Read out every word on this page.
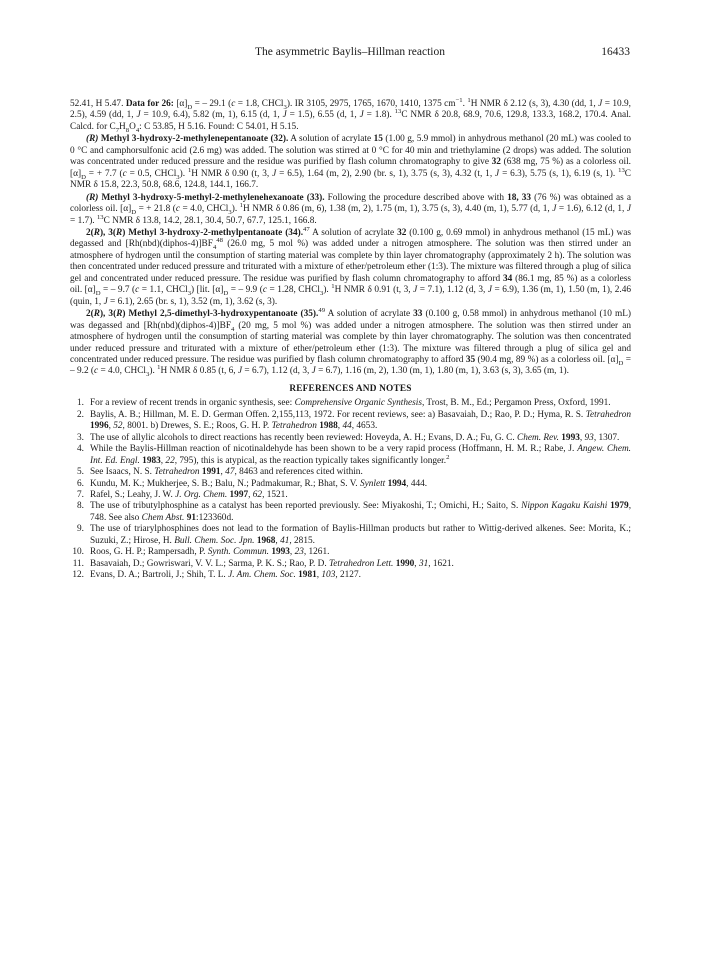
The asymmetric Baylis–Hillman reaction	16433

52.41, H 5.47. Data for 26: $[\alpha]_D$ = – 29.1 (c = 1.8, CHCl$_3$). IR 3105, 2975, 1765, 1670, 1410, 1375 $cm^{-1}$. $^1$H NMR δ 2.12 (s, 3), 4.30 (dd, 1, J = 10.9, 2.5), 4.59 (dd, 1, J = 10.9, 6.4), 5.82 (m, 1), 6.15 (d, 1, J = 1.5), 6.55 (d, 1, J = 1.8). $^{13}$C NMR δ 20.8, 68.9, 70.6, 129.8, 133.3, 168.2, 170.4. Anal. Calcd. for $C_7H_8O_4$: C 53.85, H 5.16. Found: C 54.01, H 5.15.

(R) Methyl 3-hydroxy-2-methylenepentanoate (32). A solution of acrylate 15 (1.00 g, 5.9 mmol) in anhydrous methanol (20 mL) was cooled to 0 °C and camphorsulfonic acid (2.6 mg) was added. The solution was stirred at 0 °C for 40 min and triethylamine (2 drops) was added. The solution was concentrated under reduced pressure and the residue was purified by flash column chromatography to give 32 (638 mg, 75 %) as a colorless oil. $[\alpha]_D$ = + 7.7 (c = 0.5, CHCl$_3$). $^1$H NMR δ 0.90 (t, 3, J = 6.5), 1.64 (m, 2), 2.90 (br. s, 1), 3.75 (s, 3), 4.32 (t, 1, J = 6.3), 5.75 (s, 1), 6.19 (s, 1). $^{13}$C NMR δ 15.8, 22.3, 50.8, 68.6, 124.8, 144.1, 166.7.

(R) Methyl 3-hydroxy-5-methyl-2-methylenehexanoate (33). Following the procedure described above with 18, 33 (76 %) was obtained as a colorless oil. $[\alpha]_D$ = + 21.8 (c = 4.0, CHCl$_3$). $^1$H NMR δ 0.86 (m, 6), 1.38 (m, 2), 1.75 (m, 1), 3.75 (s, 3), 4.40 (m, 1), 5.77 (d, 1, J = 1.6), 6.12 (d, 1, J = 1.7). $^{13}$C NMR δ 13.8, 14.2, 28.1, 30.4, 50.7, 67.7, 125.1, 166.8.

2(R), 3(R) Methyl 3-hydroxy-2-methylpentanoate (34).$^{47}$ A solution of acrylate 32 (0.100 g, 0.69 mmol) in anhydrous methanol (15 mL) was degassed and $[Rh(nbd)(diphos-4)]BF_4^{48}$ (26.0 mg, 5 mol %) was added under a nitrogen atmosphere. The solution was then stirred under an atmosphere of hydrogen until the consumption of starting material was complete by thin layer chromatography (approximately 2 h). The solution was then concentrated under reduced pressure and triturated with a mixture of ether/petroleum ether (1:3). The mixture was filtered through a plug of silica gel and concentrated under reduced pressure. The residue was purified by flash column chromatography to afford 34 (86.1 mg, 85 %) as a colorless oil. $[\alpha]_D$ = – 9.7 (c = 1.1, CHCl$_3$) [lit. $[\alpha]_D$ = – 9.9 (c = 1.28, CHCl$_3$). $^1$H NMR δ 0.91 (t, 3, J = 7.1), 1.12 (d, 3, J = 6.9), 1.36 (m, 1), 1.50 (m, 1), 2.46 (quin, 1, J = 6.1), 2.65 (br. s, 1), 3.52 (m, 1), 3.62 (s, 3).

2(R), 3(R) Methyl 2,5-dimethyl-3-hydroxypentanoate (35).$^{49}$ A solution of acrylate 33 (0.100 g, 0.58 mmol) in anhydrous methanol (10 mL) was degassed and $[Rh(nbd)(diphos-4)]BF_4$ (20 mg, 5 mol %) was added under a nitrogen atmosphere. The solution was then stirred under an atmosphere of hydrogen until the consumption of starting material was complete by thin layer chromatography. The solution was then concentrated under reduced pressure and triturated with a mixture of ether/petroleum ether (1:3). The mixture was filtered through a plug of silica gel and concentrated under reduced pressure. The residue was purified by flash column chromatography to afford 35 (90.4 mg, 89 %) as a colorless oil. $[\alpha]_D$ = – 9.2 (c = 4.0, CHCl$_3$). $^1$H NMR δ 0.85 (t, 6, J = 6.7), 1.12 (d, 3, J = 6.7), 1.16 (m, 2), 1.30 (m, 1), 1.80 (m, 1), 3.63 (s, 3), 3.65 (m, 1).

REFERENCES AND NOTES
1. For a review of recent trends in organic synthesis, see: Comprehensive Organic Synthesis, Trost, B. M., Ed.; Pergamon Press, Oxford, 1991.
2. Baylis, A. B.; Hillman, M. E. D. German Offen. 2,155,113, 1972. For recent reviews, see: a) Basavaiah, D.; Rao, P. D.; Hyma, R. S. Tetrahedron 1996, 52, 8001. b) Drewes, S. E.; Roos, G. H. P. Tetrahedron 1988, 44, 4653.
3. The use of allylic alcohols to direct reactions has recently been reviewed: Hoveyda, A. H.; Evans, D. A.; Fu, G. C. Chem. Rev. 1993, 93, 1307.
4. While the Baylis-Hillman reaction of nicotinaldehyde has been shown to be a very rapid process (Hoffmann, H. M. R.; Rabe, J. Angew. Chem. Int. Ed. Engl. 1983, 22, 795), this is atypical, as the reaction typically takes significantly longer.$^2$
5. See Isaacs, N. S. Tetrahedron 1991, 47, 8463 and references cited within.
6. Kundu, M. K.; Mukherjee, S. B.; Balu, N.; Padmakumar, R.; Bhat, S. V. Synlett 1994, 444.
7. Rafel, S.; Leahy, J. W. J. Org. Chem. 1997, 62, 1521.
8. The use of tributylphosphine as a catalyst has been reported previously. See: Miyakoshi, T.; Omichi, H.; Saito, S. Nippon Kagaku Kaishi 1979, 748. See also Chem Abst. 91:123360d.
9. The use of triarylphosphines does not lead to the formation of Baylis-Hillman products but rather to Wittig-derived alkenes. See: Morita, K.; Suzuki, Z.; Hirose, H. Bull. Chem. Soc. Jpn. 1968, 41, 2815.
10. Roos, G. H. P.; Rampersadh, P. Synth. Commun. 1993, 23, 1261.
11. Basavaiah, D.; Gowriswari, V. V. L.; Sarma, P. K. S.; Rao, P. D. Tetrahedron Lett. 1990, 31, 1621.
12. Evans, D. A.; Bartroli, J.; Shih, T. L. J. Am. Chem. Soc. 1981, 103, 2127.
